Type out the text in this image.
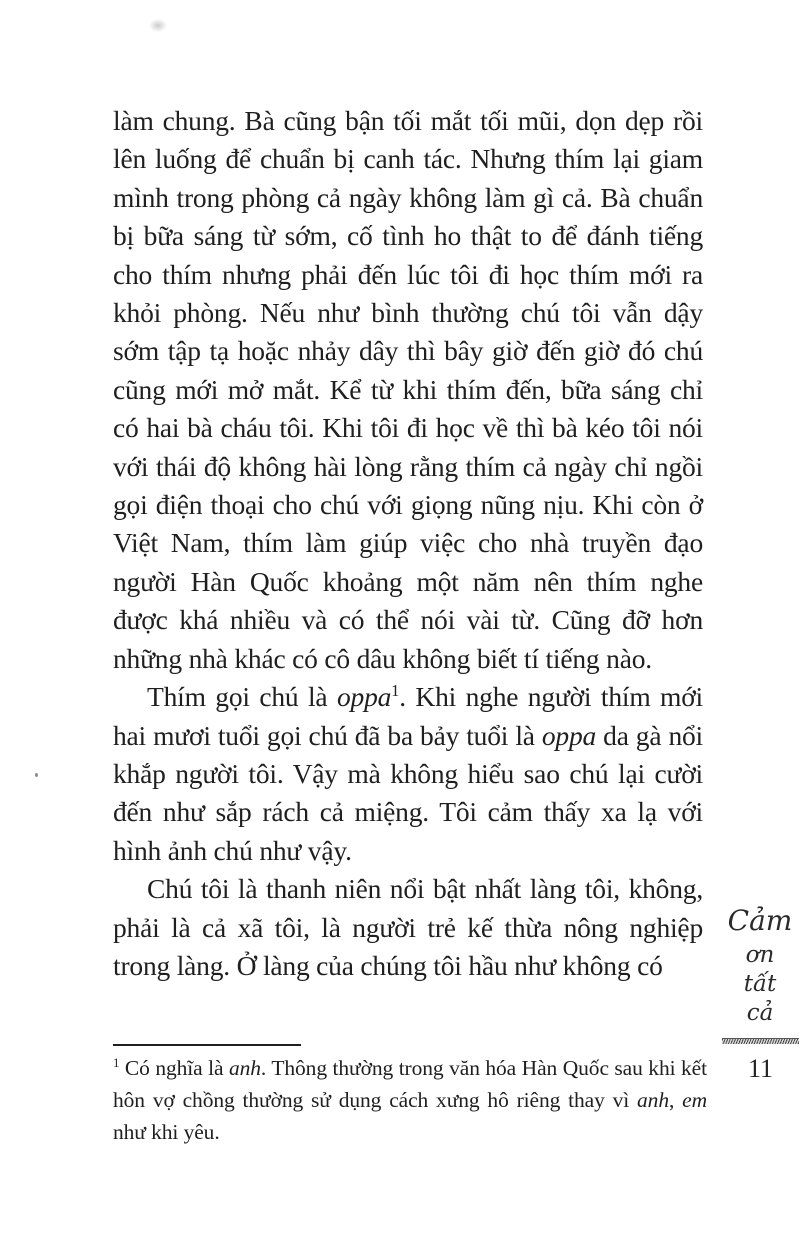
làm chung. Bà cũng bận tối mắt tối mũi, dọn dẹp rồi lên luống để chuẩn bị canh tác. Nhưng thím lại giam mình trong phòng cả ngày không làm gì cả. Bà chuẩn bị bữa sáng từ sớm, cố tình ho thật to để đánh tiếng cho thím nhưng phải đến lúc tôi đi học thím mới ra khỏi phòng. Nếu như bình thường chú tôi vẫn dậy sớm tập tạ hoặc nhảy dây thì bây giờ đến giờ đó chú cũng mới mở mắt. Kể từ khi thím đến, bữa sáng chỉ có hai bà cháu tôi. Khi tôi đi học về thì bà kéo tôi nói với thái độ không hài lòng rằng thím cả ngày chỉ ngồi gọi điện thoại cho chú với giọng nũng nịu. Khi còn ở Việt Nam, thím làm giúp việc cho nhà truyền đạo người Hàn Quốc khoảng một năm nên thím nghe được khá nhiều và có thể nói vài từ. Cũng đỡ hơn những nhà khác có cô dâu không biết tí tiếng nào.

Thím gọi chú là oppa$^1$. Khi nghe người thím mới hai mươi tuổi gọi chú đã ba bảy tuổi là oppa da gà nổi khắp người tôi. Vậy mà không hiểu sao chú lại cười đến như sắp rách cả miệng. Tôi cảm thấy xa lạ với hình ảnh chú như vậy.

Chú tôi là thanh niên nổi bật nhất làng tôi, không, phải là cả xã tôi, là người trẻ kế thừa nông nghiệp trong làng. Ở làng của chúng tôi hầu như không có

$^1$ Có nghĩa là anh. Thông thường trong văn hóa Hàn Quốc sau khi kết hôn vợ chồng thường sử dụng cách xưng hô riêng thay vì anh, em như khi yêu.
Cảm
ơn
tất
cả
11
